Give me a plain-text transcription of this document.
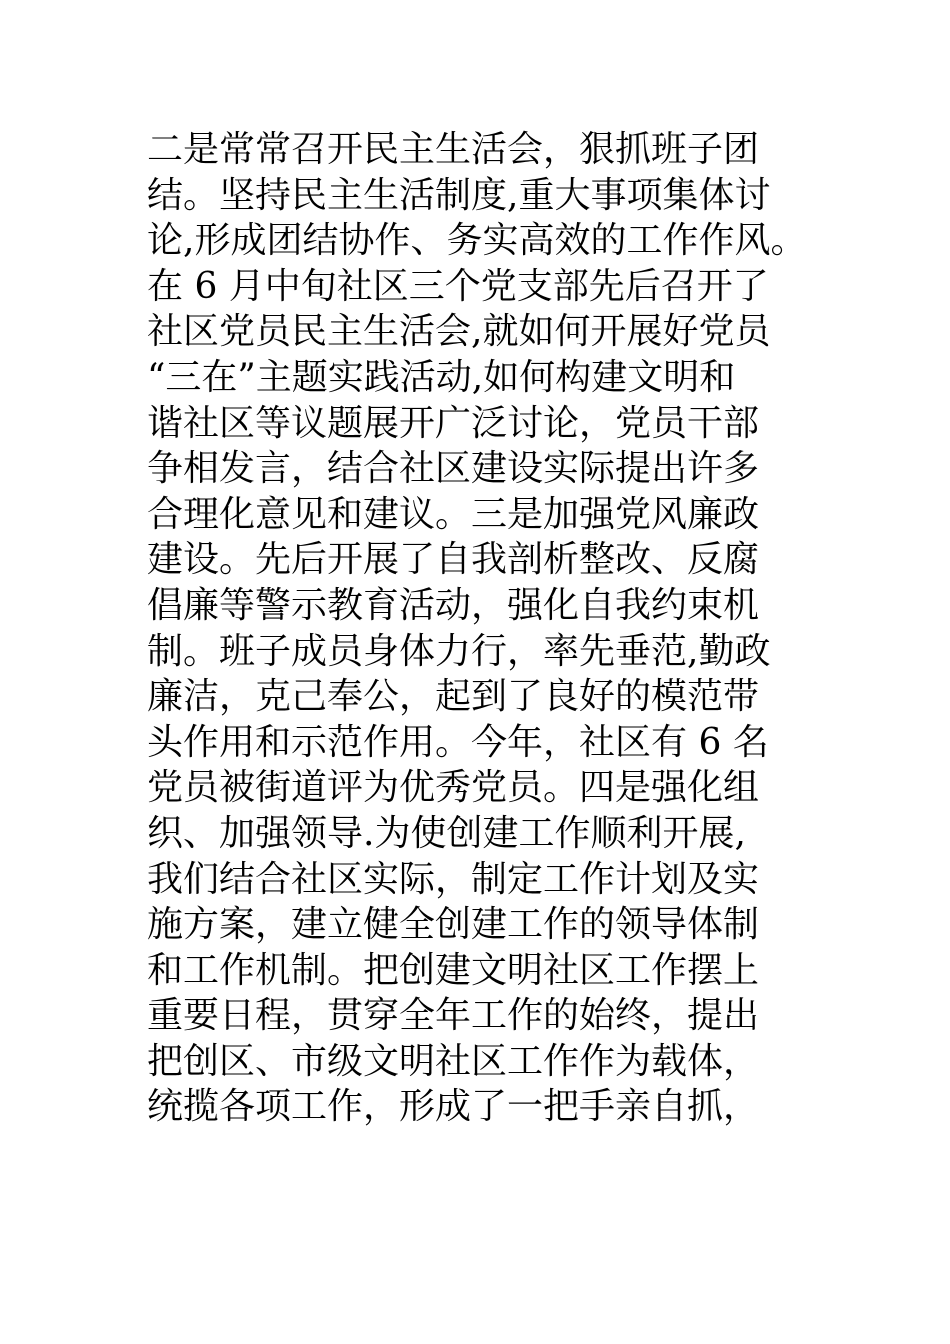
二是常常召开民主生活会，狠抓班子团
结。坚持民主生活制度,重大事项集体讨
论,形成团结协作、务实高效的工作作风。
在 6 月中旬社区三个党支部先后召开了
社区党员民主生活会,就如何开展好党员
“三在”主题实践活动,如何构建文明和
谐社区等议题展开广泛讨论，党员干部
争相发言，结合社区建设实际提出许多
合理化意见和建议。三是加强党风廉政
建设。先后开展了自我剖析整改、反腐
倡廉等警示教育活动，强化自我约束机
制。班子成员身体力行，率先垂范,勤政
廉洁，克己奉公，起到了良好的模范带
头作用和示范作用。今年，社区有 6 名
党员被街道评为优秀党员。四是强化组
织、加强领导.为使创建工作顺利开展,
我们结合社区实际，制定工作计划及实
施方案，建立健全创建工作的领导体制
和工作机制。把创建文明社区工作摆上
重要日程，贯穿全年工作的始终，提出
把创区、市级文明社区工作作为载体，
统揽各项工作，形成了一把手亲自抓，
